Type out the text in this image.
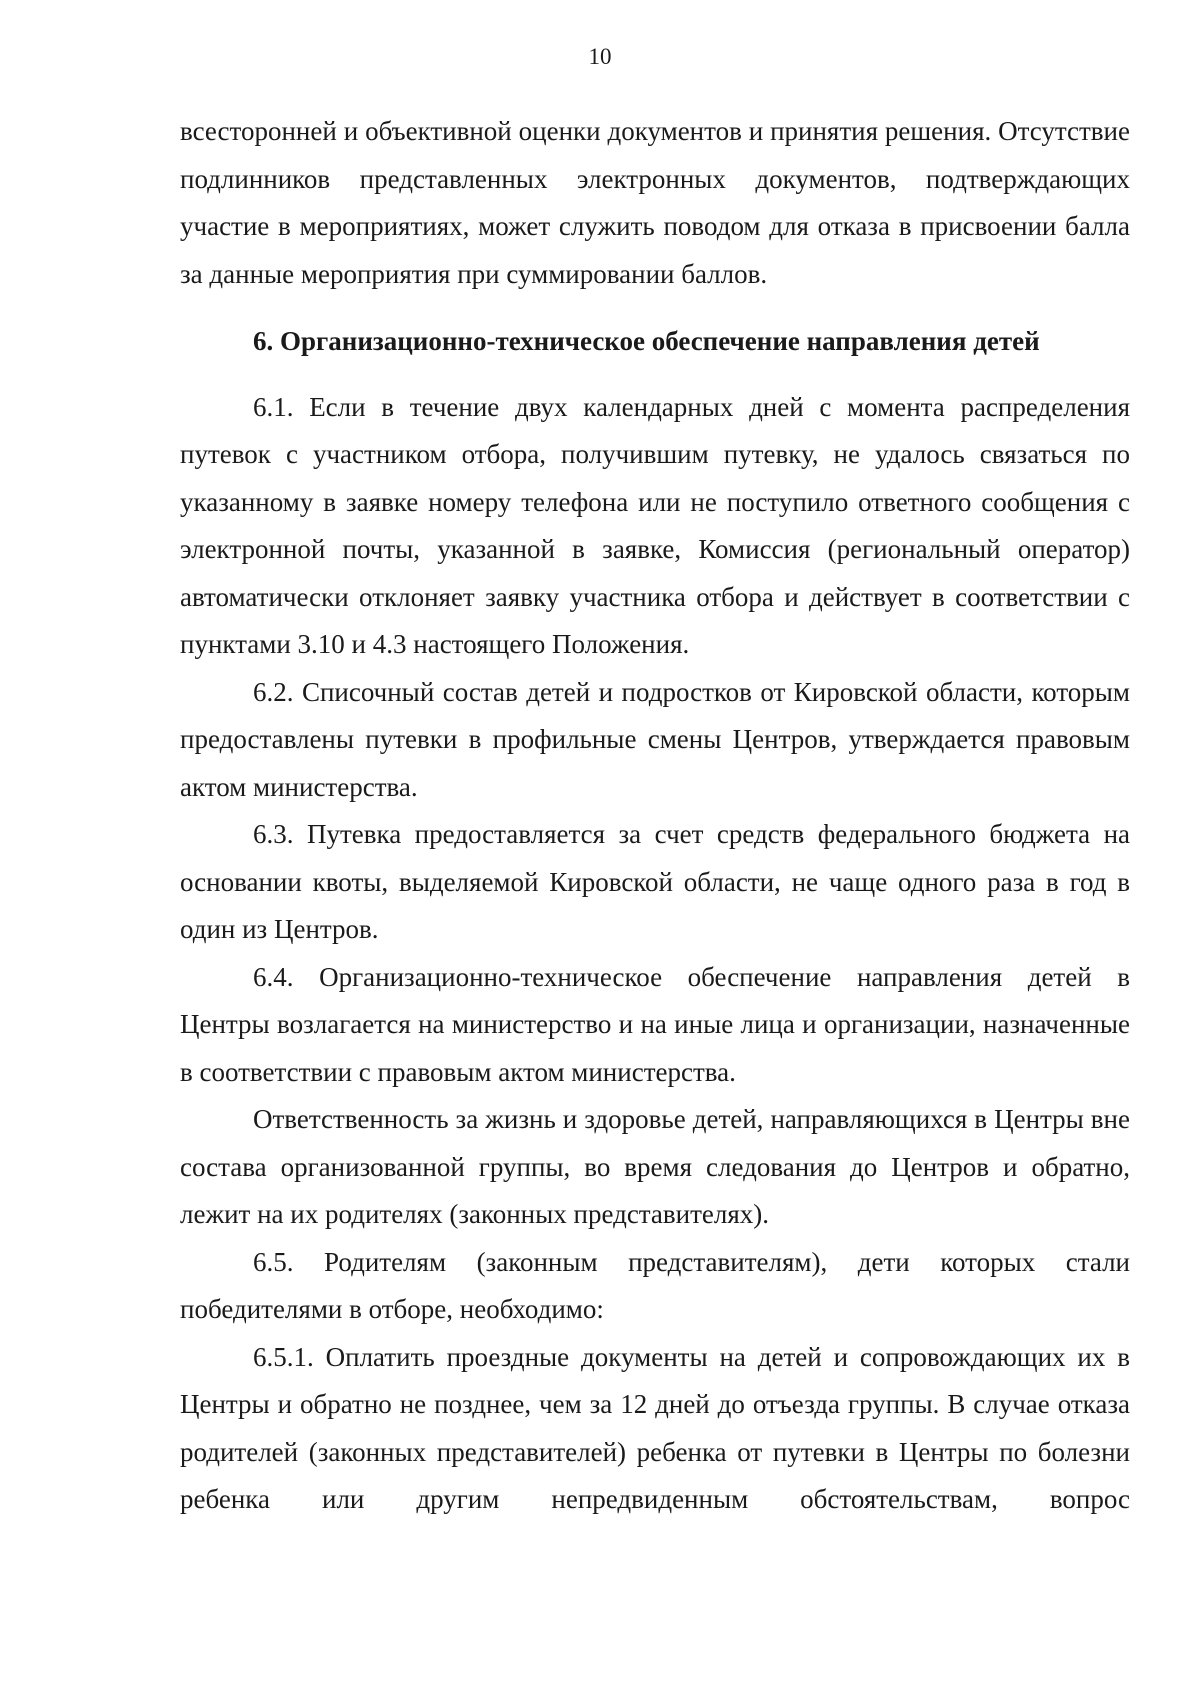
10

всесторонней и объективной оценки документов и принятия решения. Отсутствие подлинников представленных электронных документов, подтверждающих участие в мероприятиях, может служить поводом для отказа в присвоении балла за данные мероприятия при суммировании баллов.

6. Организационно-техническое обеспечение направления детей

6.1. Если в течение двух календарных дней с момента распределения путевок с участником отбора, получившим путевку, не удалось связаться по указанному в заявке номеру телефона или не поступило ответного сообщения с электронной почты, указанной в заявке, Комиссия (региональный оператор) автоматически отклоняет заявку участника отбора и действует в соответствии с пунктами 3.10 и 4.3 настоящего Положения.

6.2. Списочный состав детей и подростков от Кировской области, которым предоставлены путевки в профильные смены Центров, утверждается правовым актом министерства.

6.3. Путевка предоставляется за счет средств федерального бюджета на основании квоты, выделяемой Кировской области, не чаще одного раза в год в один из Центров.

6.4. Организационно-техническое обеспечение направления детей в Центры возлагается на министерство и на иные лица и организации, назначенные в соответствии с правовым актом министерства.

Ответственность за жизнь и здоровье детей, направляющихся в Центры вне состава организованной группы, во время следования до Центров и обратно, лежит на их родителях (законных представителях).

6.5. Родителям (законным представителям), дети которых стали победителями в отборе, необходимо:

6.5.1. Оплатить проездные документы на детей и сопровождающих их в Центры и обратно не позднее, чем за 12 дней до отъезда группы. В случае отказа родителей (законных представителей) ребенка от путевки в Центры по болезни ребенка или другим непредвиденным обстоятельствам, вопрос
